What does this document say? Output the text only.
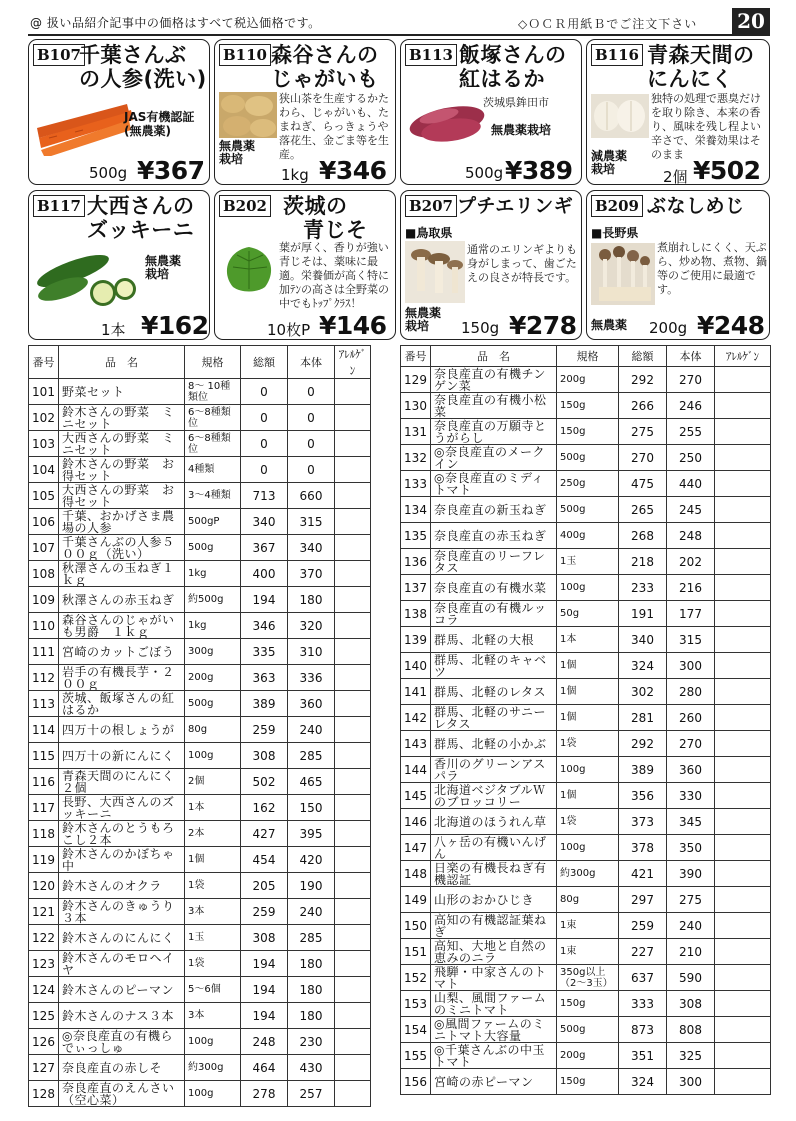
@ 扱い品紹介記事中の価格はすべて税込価格です。	◇ＯＣＲ用紙Ｂでご注文下さい 20
B107
千葉さんぶ
の人参(洗い)
JAS有機認証 (無農薬)
500g ¥367
B110 森谷さんの
じゃがいも
狭山茶を生産するかたわら、じゃがいも、たまねぎ、らっきょうや落花生、金ごま等を生産。
無農薬栽培
1kg ¥346
B113 飯塚さんの
紅はるか
茨城県鉾田市
無農薬栽培
500g ¥389
B116 青森天間の
にんにく
独特の処理で悪臭だけを取り除き、本来の香り、風味を残し程よい辛さで、栄養効果はそのまま
減農薬栽培	2個 ¥502
B117 大西さんの
ズッキーニ
無農薬栽培
1本 ¥162
B202 茨城の
青じそ
葉が厚く、香りが強い青じそは、薬味に最適。栄養価が高く特に加ﾃﾝの高さは全野菜の中でもﾄｯﾌﾟｸﾗｽ！
10枚P ¥146
B207 プチエリンギ
■鳥取県
通常のエリンギよりも身がしまって、歯ごたえの良さが特長です。
無農薬栽培	150g ¥278
B209 ぶなしめじ
■長野県
煮崩れしにくく、天ぷら、炒め物、煮物、鍋等のご使用に最適です。
無農薬 200g ¥248
番号	品　名	規格	総額	本体	ｱﾚﾙｹﾞﾝ
101	野菜セット	8～ 10種類位	0	0	
102	鈴木さんの野菜　ミニセット	6～8種類位	0	0	
103	大西さんの野菜　ミニセット	6～8種類位	0	0	
104	鈴木さんの野菜　お得セット	4種類	0	0	
105	大西さんの野菜　お得セット	3～4種類	713	660	
106	千葉、おかげさま農場の人参	500gP	340	315	
107	千葉さんぶの人参５００ｇ（洗い）	500g	367	340	
108	秋澤さんの玉ねぎ１ｋｇ	1kg	400	370	
109	秋澤さんの赤玉ねぎ	約500g	194	180	
110	森谷さんのじゃがいも男爵　１ｋｇ	1kg	346	320	
111	宮崎のカットごぼう	300g	335	310	
112	岩手の有機長芋・２００ｇ	200g	363	336	
113	茨城、飯塚さんの紅はるか	500g	389	360	
114	四万十の根しょうが	80g	259	240	
115	四万十の新にんにく	100g	308	285	
116	青森天間のにんにく２個	2個	502	465	
117	長野、大西さんのズッキーニ	1本	162	150	
118	鈴木さんのとうもろこし２本	2本	427	395	
119	鈴木さんのかぼちゃ中	1個	454	420	
120	鈴木さんのオクラ	1袋	205	190	
121	鈴木さんのきゅうり３本	3本	259	240	
122	鈴木さんのにんにく	1玉	308	285	
123	鈴木さんのモロヘイヤ	1袋	194	180	
124	鈴木さんのピーマン	5～6個	194	180	
125	鈴木さんのナス３本	3本	194	180	
126	◎奈良産直の有機らでぃっしゅ	100g	248	230	
127	奈良産直の赤しそ	約300g	464	430	
128	奈良産直のえんさい（空心菜）	100g	278	257	
番号	品　名	規格	総額	本体	ｱﾚﾙｹﾞﾝ
129	奈良産直の有機チンゲン菜	200g	292	270	
130	奈良産直の有機小松菜	150g	266	246	
131	奈良産直の万願寺とうがらし	150g	275	255	
132	◎奈良産直のメークイン	500g	270	250	
133	◎奈良産直のミディトマト	250g	475	440	
134	奈良産直の新玉ねぎ	500g	265	245	
135	奈良産直の赤玉ねぎ	400g	268	248	
136	奈良産直のリーフレタス	1玉	218	202	
137	奈良産直の有機水菜	100g	233	216	
138	奈良産直の有機ルッコラ	50g	191	177	
139	群馬、北軽の大根	1本	340	315	
140	群馬、北軽のキャベツ	1個	324	300	
141	群馬、北軽のレタス	1個	302	280	
142	群馬、北軽のサニーレタス	1個	281	260	
143	群馬、北軽の小かぶ	1袋	292	270	
144	香川のグリーンアスパラ	100g	389	360	
145	北海道ベジタブルＷのブロッコリー	1個	356	330	
146	北海道のほうれん草	1袋	373	345	
147	八ヶ岳の有機いんげん	100g	378	350	
148	日楽の有機長ねぎ有機認証	約300g	421	390	
149	山形のおかひじき	80g	297	275	
150	高知の有機認証葉ねぎ	1束	259	240	
151	高知、大地と自然の恵みのニラ	1束	227	210	
152	飛騨・中家さんのトマト	350g以上（2～3玉）	637	590	
153	山梨、風間ファームのミニトマト	150g	333	308	
154	◎風間ファームのミニトマト大容量	500g	873	808	
155	◎千葉さんぶの中玉トマト	200g	351	325	
156	宮崎の赤ピーマン	150g	324	300	
